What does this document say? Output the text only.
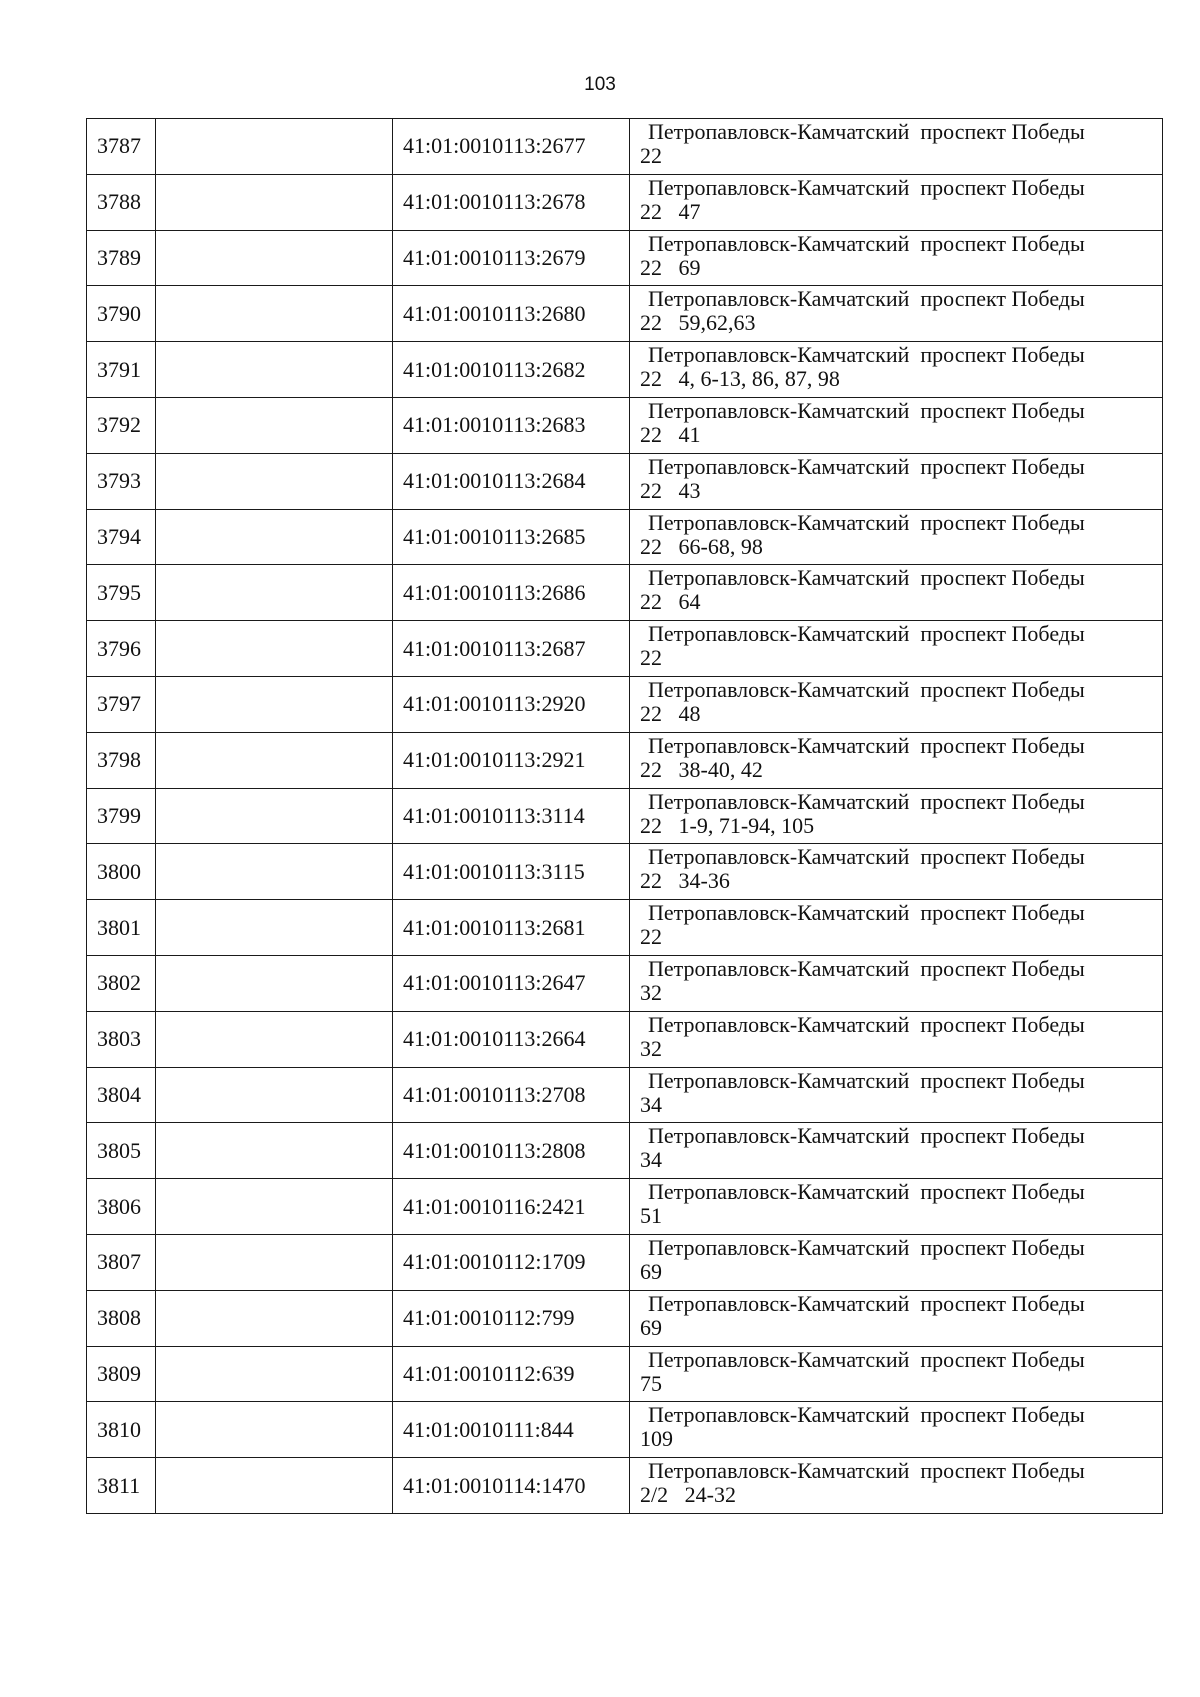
103
3787		41:01:0010113:2677	Петропавловск-Камчатский  проспект Победы
22

3788		41:01:0010113:2678	Петропавловск-Камчатский  проспект Победы
22   47

3789		41:01:0010113:2679	Петропавловск-Камчатский  проспект Победы
22   69

3790		41:01:0010113:2680	Петропавловск-Камчатский  проспект Победы
22   59,62,63

3791		41:01:0010113:2682	Петропавловск-Камчатский  проспект Победы
22   4, 6-13, 86, 87, 98

3792		41:01:0010113:2683	Петропавловск-Камчатский  проспект Победы
22   41

3793		41:01:0010113:2684	Петропавловск-Камчатский  проспект Победы
22   43

3794		41:01:0010113:2685	Петропавловск-Камчатский  проспект Победы
22   66-68, 98

3795		41:01:0010113:2686	Петропавловск-Камчатский  проспект Победы
22   64

3796		41:01:0010113:2687	Петропавловск-Камчатский  проспект Победы
22

3797		41:01:0010113:2920	Петропавловск-Камчатский  проспект Победы
22   48

3798		41:01:0010113:2921	Петропавловск-Камчатский  проспект Победы
22   38-40, 42

3799		41:01:0010113:3114	Петропавловск-Камчатский  проспект Победы
22   1-9, 71-94, 105

3800		41:01:0010113:3115	Петропавловск-Камчатский  проспект Победы
22   34-36

3801		41:01:0010113:2681	Петропавловск-Камчатский  проспект Победы
22

3802		41:01:0010113:2647	Петропавловск-Камчатский  проспект Победы
32

3803		41:01:0010113:2664	Петропавловск-Камчатский  проспект Победы
32

3804		41:01:0010113:2708	Петропавловск-Камчатский  проспект Победы
34

3805		41:01:0010113:2808	Петропавловск-Камчатский  проспект Победы
34

3806		41:01:0010116:2421	Петропавловск-Камчатский  проспект Победы
51

3807		41:01:0010112:1709	Петропавловск-Камчатский  проспект Победы
69

3808		41:01:0010112:799	Петропавловск-Камчатский  проспект Победы
69

3809		41:01:0010112:639	Петропавловск-Камчатский  проспект Победы
75

3810		41:01:0010111:844	Петропавловск-Камчатский  проспект Победы
109

3811		41:01:0010114:1470	Петропавловск-Камчатский  проспект Победы
2/2   24-32
